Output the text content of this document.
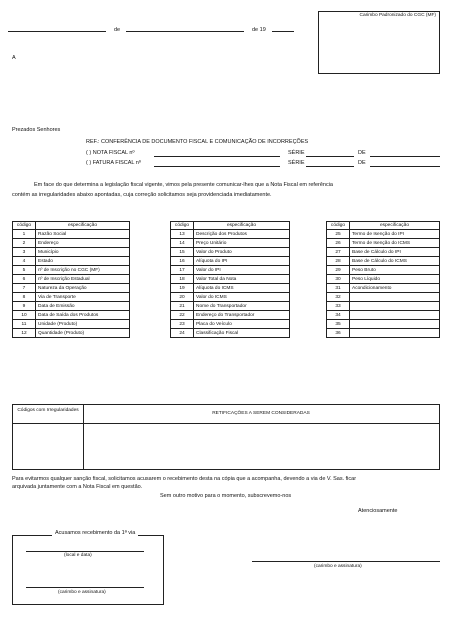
de	de 19
A
Carimbo Padronizado do CGC (MF)
Prezados Senhores
REF.: CONFERÊNCIA DE DOCUMENTO FISCAL E COMUNICAÇÃO DE INCORREÇÕES
( ) NOTA FISCAL nº	SÉRIE	DE
( ) FATURA FISCAL nº	SÉRIE	DE
Em face do que determina a legislação fiscal vigente, vimos pela presente comunicar-lhes que a Nota Fiscal em referência
contém as irregularidades abaixo apontadas, cuja correção solicitamos seja providenciada imediatamente.
código	especificação
1	Razão Social
2	Endereço
3	Município
4	Estado
5	nº de Inscrição no CGC (MF)
6	nº de Inscrição Estadual
7	Natureza da Operação
8	Via de Transporte
9	Data de Emissão
10	Data de Saída dos Produtos
11	Unidade (Produto)
12	Quantidade (Produto)
código	especificação
13	Descrição dos Produtos
14	Preço Unitário
15	Valor do Produto
16	Alíquota do IPI
17	Valor do IPI
18	Valor Total da Nota
19	Alíquota do ICMS
20	Valor do ICMS
21	Nome do Transportador
22	Endereço do Transportador
23	Placa do Veículo
24	Classificação Fiscal
código	especificação
25	Termo de Isenção do IPI
26	Termo de Isenção do ICMS
27	Base de Cálculo do IPI
28	Base de Cálculo do ICMS
29	Peso Bruto
30	Peso Líquido
31	Acondicionamento
32	
33	
34	
35	
36	
Códigos com Irregularidades
RETIFICAÇÕES A SEREM CONSIDERADAS
Para evitarmos qualquer sanção fiscal, solicitamos acusarem o recebimento desta na cópia que a acompanha, devendo a via de V. Sas. ficar
arquivada juntamente com a Nota Fiscal em questão.
Sem outro motivo para o momento, subscrevemo-nos
Atenciosamente
Acusamos recebimento da 1ª via
(local e data)
(carimbo e assinatura)
(carimbo e assinatura)
